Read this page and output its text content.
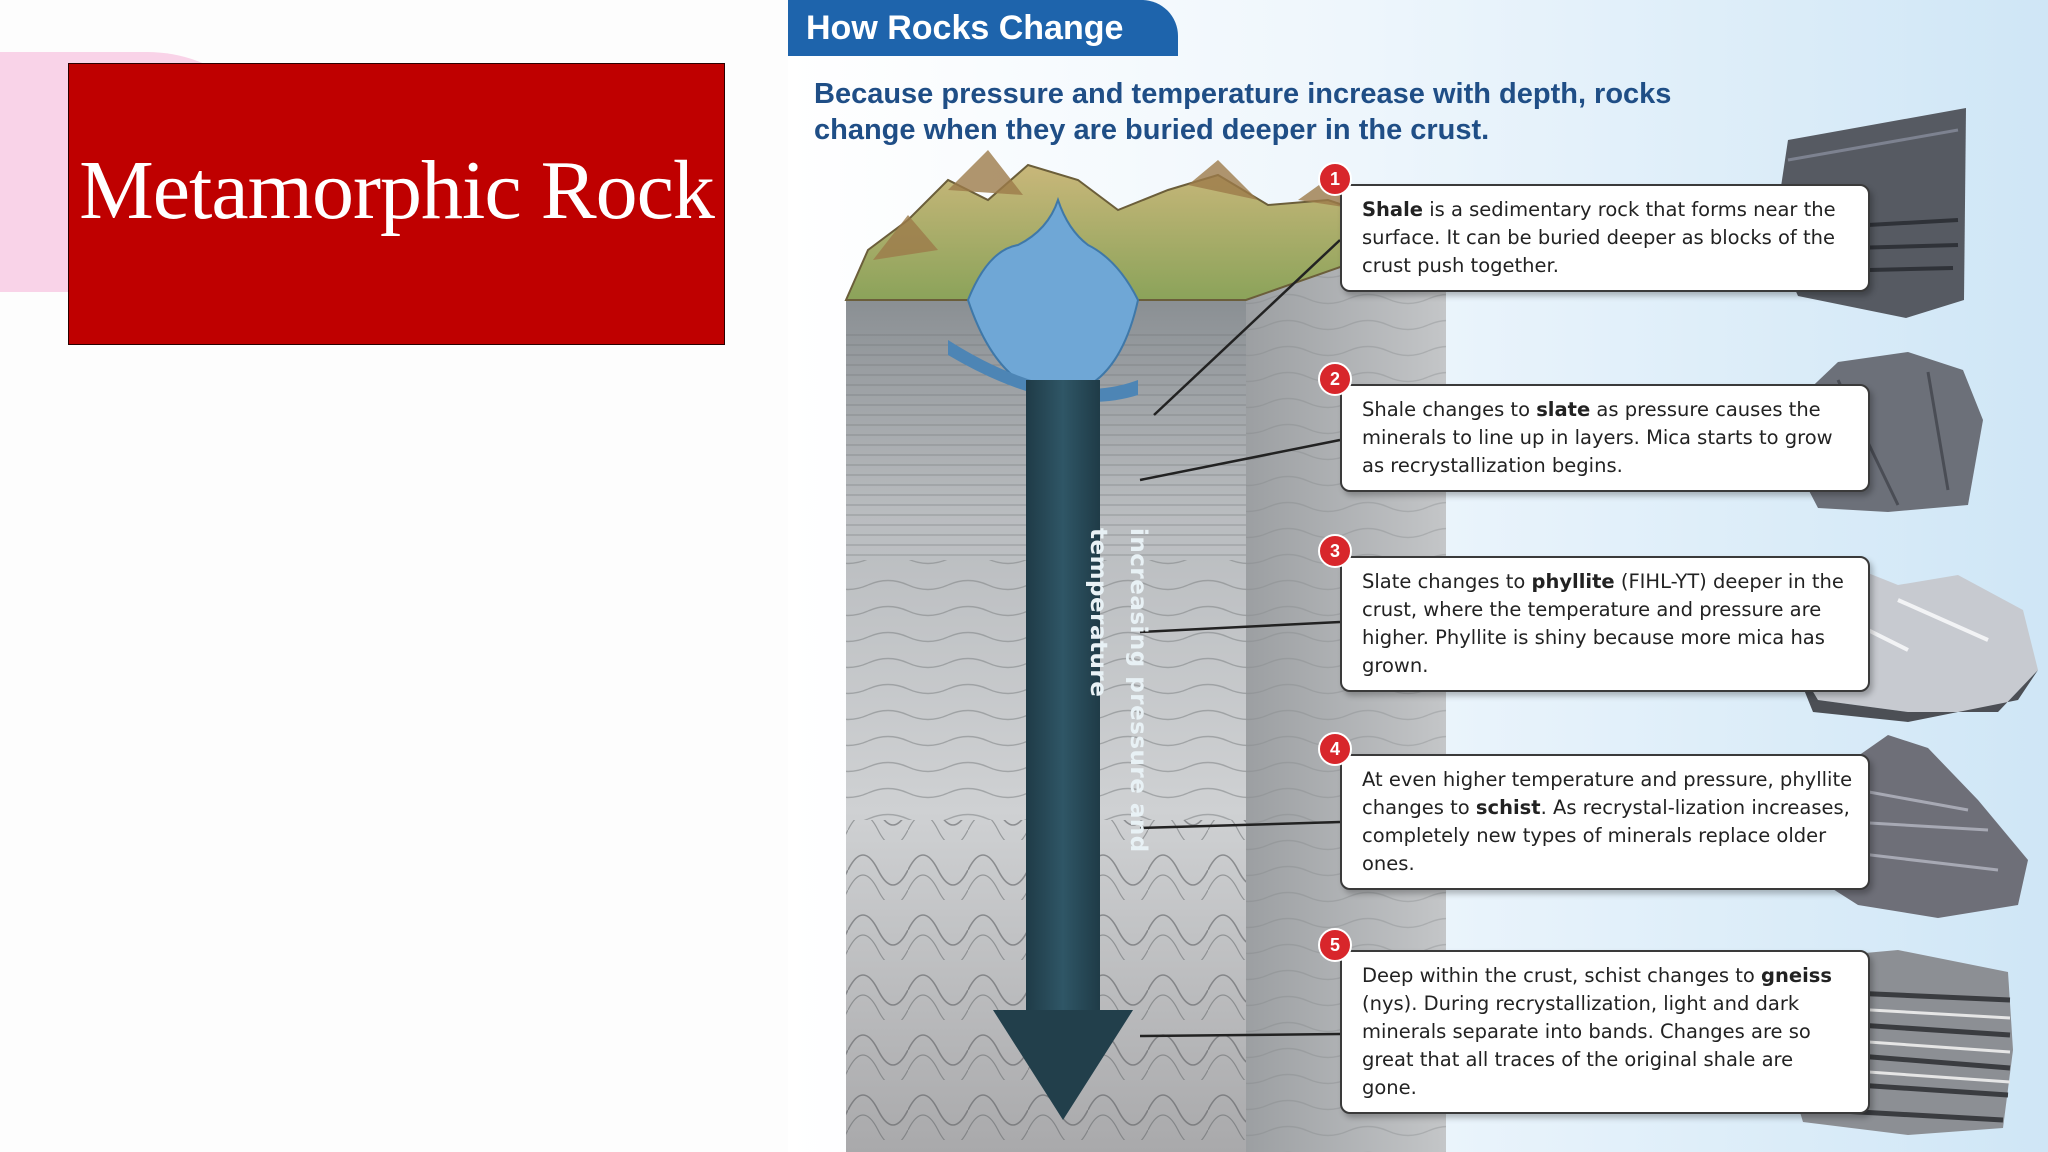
Metamorphic Rock
How Rocks Change
Because pressure and temperature increase with depth, rocks change when they are buried deeper in the crust.
increasing pressure and temperature
1
Shale is a sedimentary rock that forms near the surface. It can be buried deeper as blocks of the crust push together.
2
Shale changes to slate as pressure causes the minerals to line up in layers. Mica starts to grow as recrystallization begins.
3
Slate changes to phyllite (FIHL-YT) deeper in the crust, where the temperature and pressure are higher. Phyllite is shiny because more mica has grown.
4
At even higher temperature and pressure, phyllite changes to schist. As recrystal-lization increases, completely new types of minerals replace older ones.
5
Deep within the crust, schist changes to gneiss (nys). During recrystallization, light and dark minerals separate into bands. Changes are so great that all traces of the original shale are gone.
